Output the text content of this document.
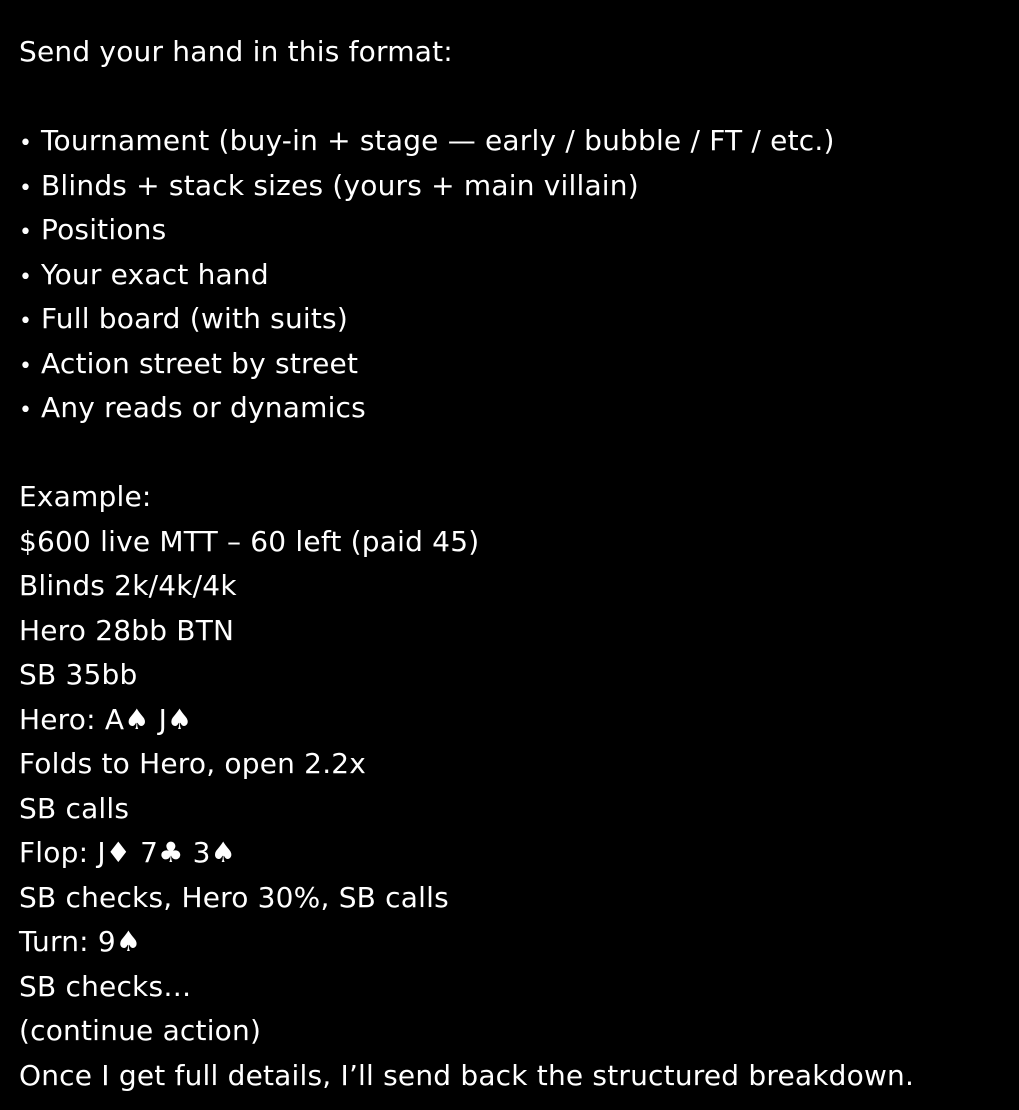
Send your hand in this format:
• Tournament (buy-in + stage — early / bubble / FT / etc.)
• Blinds + stack sizes (yours + main villain)
• Positions
• Your exact hand
• Full board (with suits)
• Action street by street
• Any reads or dynamics
Example:
$600 live MTT – 60 left (paid 45)
Blinds 2k/4k/4k
Hero 28bb BTN
SB 35bb
Hero: A♠ J♠
Folds to Hero, open 2.2x
SB calls
Flop: J♦ 7♣ 3♠
SB checks, Hero 30%, SB calls
Turn: 9♠
SB checks…
(continue action)
Once I get full details, I’ll send back the structured breakdown.
